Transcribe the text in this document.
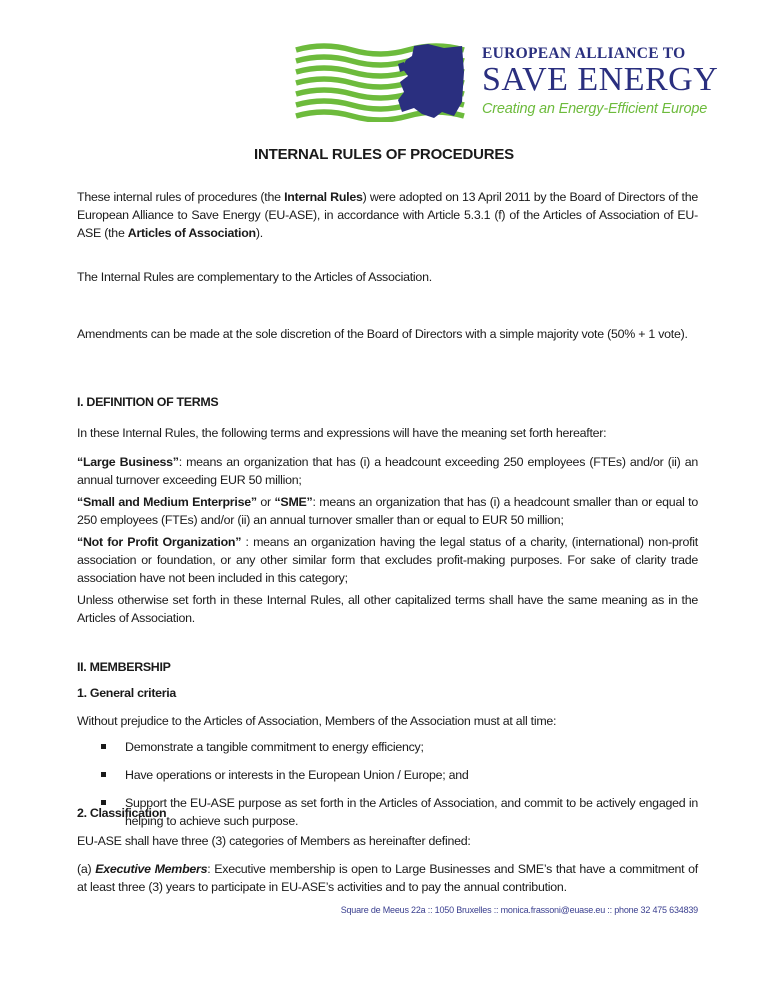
EUROPEAN ALLIANCE TO
SAVE ENERGY
Creating an Energy-Efficient Europe
INTERNAL RULES OF PROCEDURES
These internal rules of procedures (the Internal Rules) were adopted on 13 April 2011 by the Board of Directors of the European Alliance to Save Energy (EU-ASE), in accordance with Article 5.3.1 (f) of the Articles of Association of EU-ASE (the Articles of Association).
The Internal Rules are complementary to the Articles of Association.
Amendments can be made at the sole discretion of the Board of Directors with a simple majority vote (50% + 1 vote).
I. DEFINITION OF TERMS
In these Internal Rules, the following terms and expressions will have the meaning set forth hereafter:
“Large Business”: means an organization that has (i) a headcount exceeding 250 employees (FTEs) and/or (ii) an annual turnover exceeding EUR 50 million;
“Small and Medium Enterprise” or “SME”: means an organization that has (i) a headcount smaller than or equal to 250 employees (FTEs) and/or (ii) an annual turnover smaller than or equal to EUR 50 million;
“Not for Profit Organization” : means an organization having the legal status of a charity, (international) non-profit association or foundation, or any other similar form that excludes profit-making purposes. For sake of clarity trade association have not been included in this category;
Unless otherwise set forth in these Internal Rules, all other capitalized terms shall have the same meaning as in the Articles of Association.
II. MEMBERSHIP
1. General criteria
Without prejudice to the Articles of Association, Members of the Association must at all time:
Demonstrate a tangible commitment to energy efficiency;
Have operations or interests in the European Union / Europe; and
Support the EU-ASE purpose as set forth in the Articles of Association, and commit to be actively engaged in helping to achieve such purpose.
2. Classification
EU-ASE shall have three (3) categories of Members as hereinafter defined:
(a) Executive Members: Executive membership is open to Large Businesses and SME’s that have a commitment of at least three (3) years to participate in EU-ASE’s activities and to pay the annual contribution.
Square de Meeus 22a :: 1050 Bruxelles :: monica.frassoni@euase.eu :: phone 32 475 634839
